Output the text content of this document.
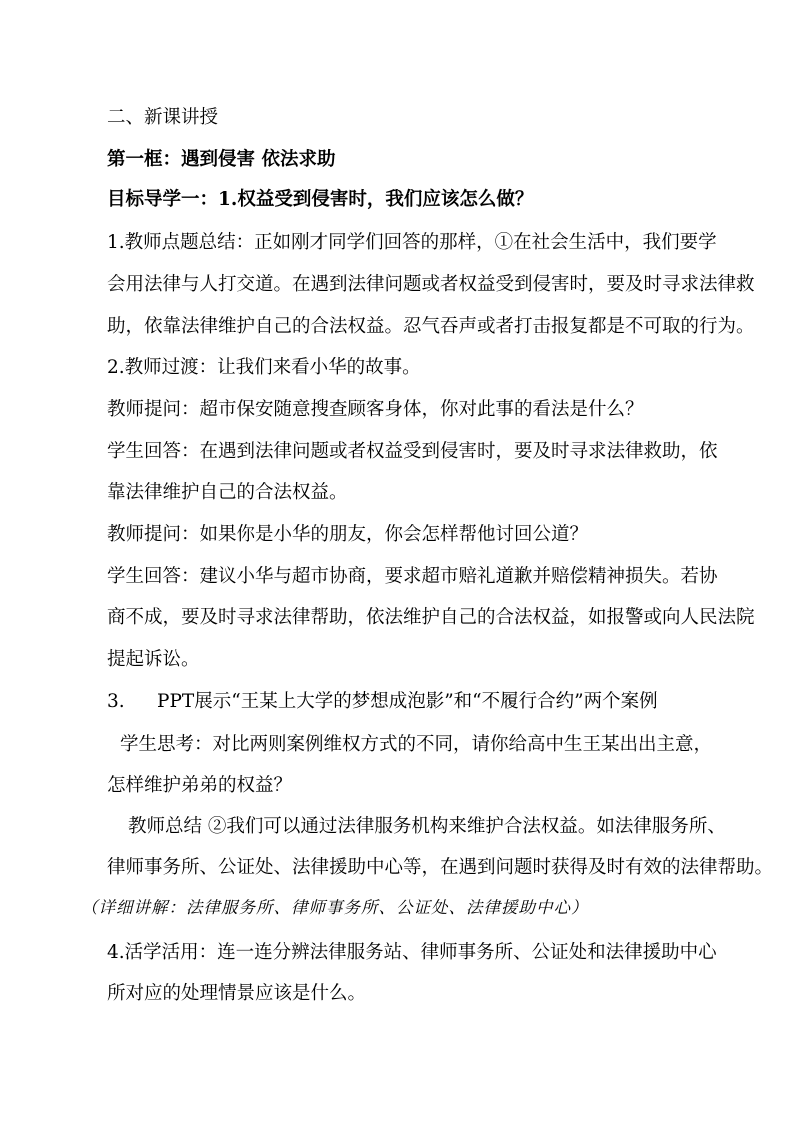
二、新课讲授
第一框：遇到侵害 依法求助
目标导学一：1.权益受到侵害时，我们应该怎么做？
1.教师点题总结：正如刚才同学们回答的那样，①在社会生活中，我们要学
会用法律与人打交道。在遇到法律问题或者权益受到侵害时，要及时寻求法律救
助，依靠法律维护自己的合法权益。忍气吞声或者打击报复都是不可取的行为。
2.教师过渡：让我们来看小华的故事。
教师提问：超市保安随意搜查顾客身体，你对此事的看法是什么？
学生回答：在遇到法律问题或者权益受到侵害时，要及时寻求法律救助，依
靠法律维护自己的合法权益。
教师提问：如果你是小华的朋友，你会怎样帮他讨回公道？
学生回答：建议小华与超市协商，要求超市赔礼道歉并赔偿精神损失。若协
商不成，要及时寻求法律帮助，依法维护自己的合法权益，如报警或向人民法院
提起诉讼。
3. PPT展示“王某上大学的梦想成泡影”和“不履行合约”两个案例
学生思考：对比两则案例维权方式的不同，请你给高中生王某出出主意，
怎样维护弟弟的权益？
教师总结 ②我们可以通过法律服务机构来维护合法权益。如法律服务所、
律师事务所、公证处、法律援助中心等，在遇到问题时获得及时有效的法律帮助。
（详细讲解：法律服务所、律师事务所、公证处、法律援助中心）
4.活学活用：连一连分辨法律服务站、律师事务所、公证处和法律援助中心
所对应的处理情景应该是什么。
